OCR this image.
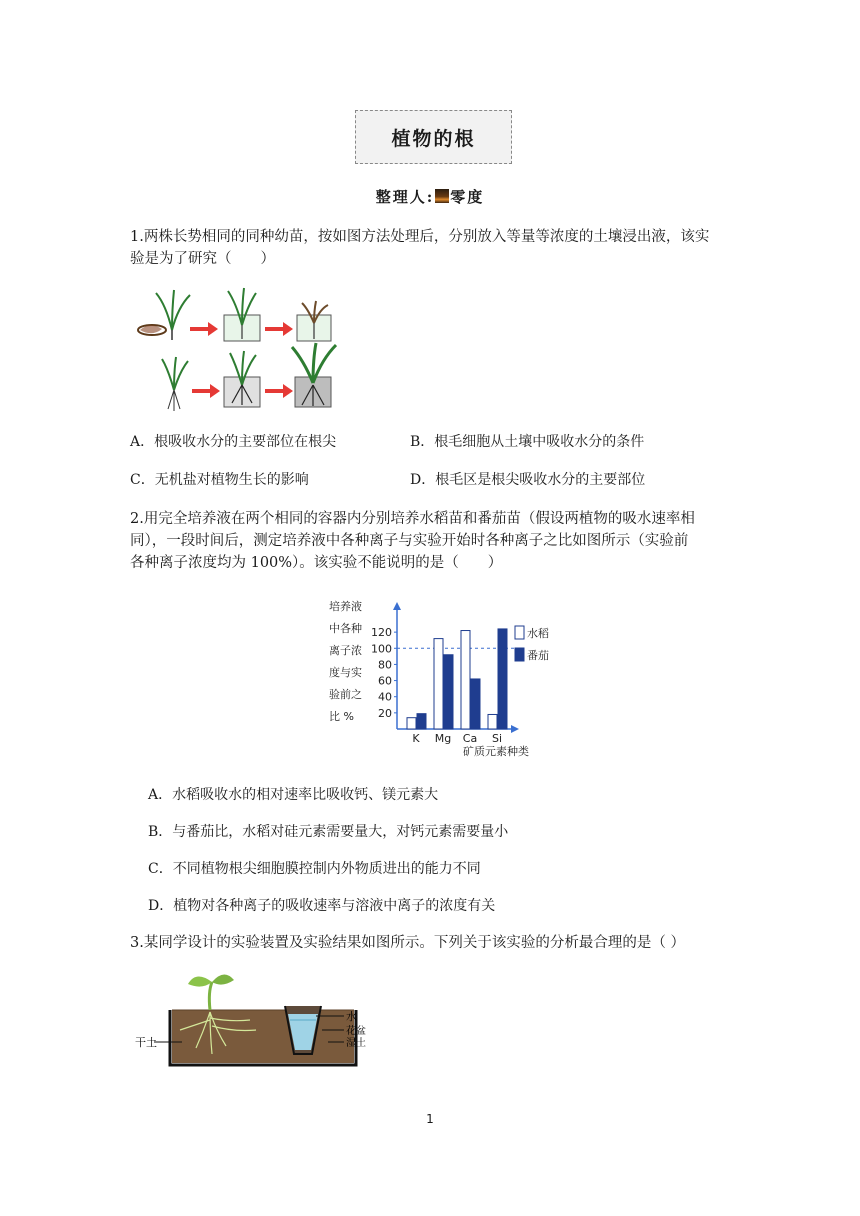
植物的根
整理人: 零度
1.两株长势相同的同种幼苗，按如图方法处理后，分别放入等量等浓度的土壤浸出液，该实
验是为了研究（　　）
A．根吸收水分的主要部位在根尖	B．根毛细胞从土壤中吸收水分的条件
C．无机盐对植物生长的影响	D．根毛区是根尖吸收水分的主要部位
2.用完全培养液在两个相同的容器内分别培养水稻苗和番茄苗（假设两植物的吸水速率相
同），一段时间后，测定培养液中各种离子与实验开始时各种离子之比如图所示（实验前
各种离子浓度均为 100%）。该实验不能说明的是（　　）
培养液
中各种
离子浓
度与实
验前之
比 % 20
40
60
80
100
120
K Mg Ca Si
矿质元素种类
水稻
番茄
A．水稻吸收水的相对速率比吸收钙、镁元素大
B．与番茄比，水稻对硅元素需要量大，对钙元素需要量小
C．不同植物根尖细胞膜控制内外物质进出的能力不同
D．植物对各种离子的吸收速率与溶液中离子的浓度有关
3.某同学设计的实验装置及实验结果如图所示。下列关于该实验的分析最合理的是（ ）
干土
水
花盆
湿土
1
